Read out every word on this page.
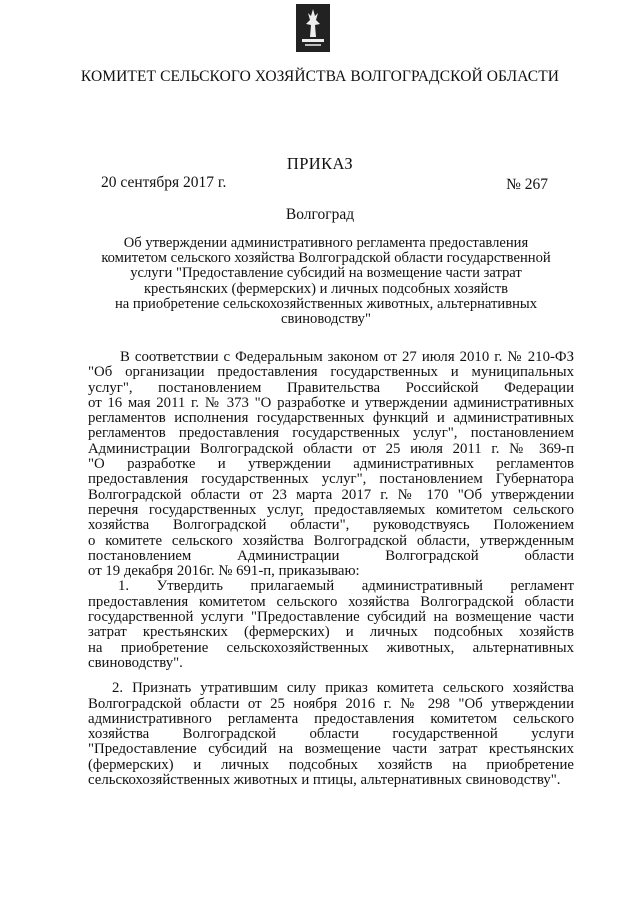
КОМИТЕТ СЕЛЬСКОГО ХОЗЯЙСТВА ВОЛГОГРАДСКОЙ ОБЛАСТИ
ПРИКАЗ
20 сентября 2017 г.	№ 267
Волгоград
Об утверждении административного регламента предоставления
комитетом сельского хозяйства Волгоградской области государственной
услуги "Предоставление субсидий на возмещение части затрат
крестьянских (фермерских) и личных подсобных хозяйств
на приобретение сельскохозяйственных животных, альтернативных
свиноводству"
В соответствии с Федеральным законом от 27 июля 2010 г. № 210-ФЗ
"Об организации предоставления государственных и муниципальных
услуг", постановлением Правительства Российской Федерации
от 16 мая 2011 г. № 373 "О разработке и утверждении административных
регламентов исполнения государственных функций и административных
регламентов предоставления государственных услуг", постановлением
Администрации Волгоградской области от 25 июля 2011 г. № 369-п
"О разработке и утверждении административных регламентов
предоставления государственных услуг", постановлением Губернатора
Волгоградской области от 23 марта 2017 г. № 170 "Об утверждении
перечня государственных услуг, предоставляемых комитетом сельского
хозяйства Волгоградской области", руководствуясь Положением
о комитете сельского хозяйства Волгоградской области, утвержденным
постановлением Администрации Волгоградской области
от 19 декабря 2016г. № 691-п, приказываю:
1. Утвердить прилагаемый административный регламент
предоставления комитетом сельского хозяйства Волгоградской области
государственной услуги "Предоставление субсидий на возмещение части
затрат крестьянских (фермерских) и личных подсобных хозяйств
на приобретение сельскохозяйственных животных, альтернативных
свиноводству".
2. Признать утратившим силу приказ комитета сельского хозяйства
Волгоградской области от 25 ноября 2016 г. № 298 "Об утверждении
административного регламента предоставления комитетом сельского
хозяйства Волгоградской области государственной услуги
"Предоставление субсидий на возмещение части затрат крестьянских
(фермерских) и личных подсобных хозяйств на приобретение
сельскохозяйственных животных и птицы, альтернативных свиноводству".
